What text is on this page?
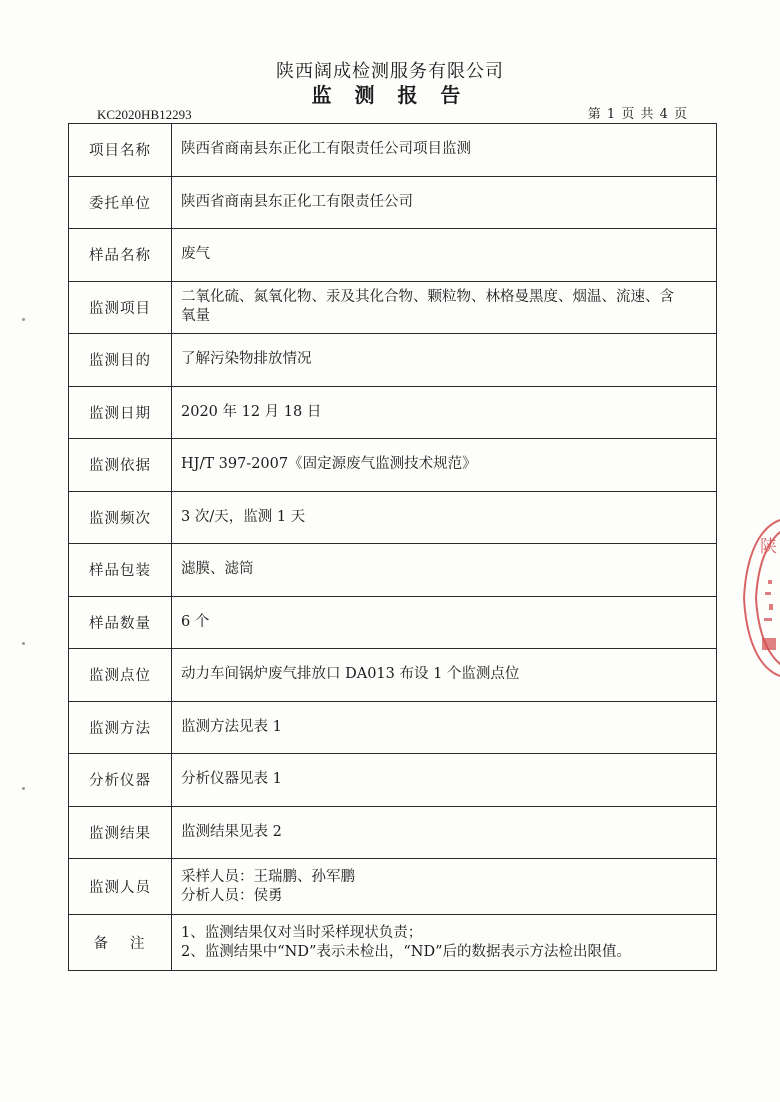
陕西阔成检测服务有限公司
监 测 报 告
KC2020HB12293	第 1 页 共 4 页
项目名称	陕西省商南县东正化工有限责任公司项目监测
委托单位	陕西省商南县东正化工有限责任公司
样品名称	废气
监测项目	二氧化硫、氮氧化物、汞及其化合物、颗粒物、林格曼黑度、烟温、流速、含
氧量

监测目的	了解污染物排放情况
监测日期	2020 年 12 月 18 日
监测依据	HJ/T 397-2007《固定源废气监测技术规范》
监测频次	3 次/天，监测 1 天
样品包装	滤膜、滤筒
样品数量	6 个
监测点位	动力车间锅炉废气排放口 DA013 布设 1 个监测点位
监测方法	监测方法见表 1
分析仪器	分析仪器见表 1
监测结果	监测结果见表 2
监测人员	采样人员：王瑞鹏、孙军鹏
分析人员：侯勇

备注	1、监测结果仅对当时采样现状负责；
2、监测结果中“ND”表示未检出，“ND”后的数据表示方法检出限值。
陕
